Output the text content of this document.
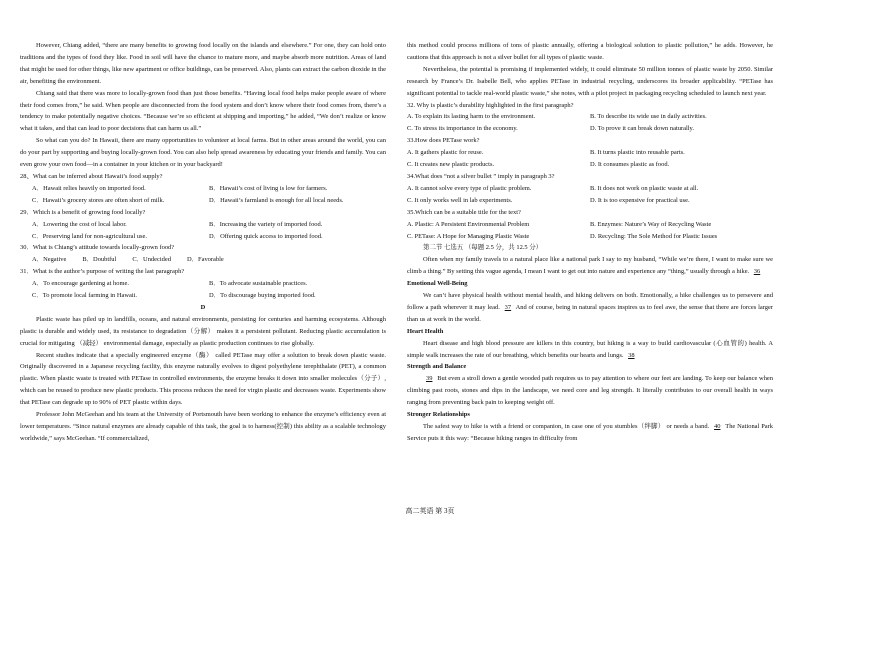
However, Chiang added, “there are many benefits to growing food locally on the islands and elsewhere.” For one, they can hold onto traditions and the types of food they like. Food in soil will have the chance to mature more, and maybe absorb more nutrition. Areas of land that might be used for other things, like new apartment or office buildings, can be preserved. Also, plants can extract the carbon dioxide in the air, benefiting the environment.

Chiang said that there was more to locally-grown food than just those benefits. “Having local food helps make people aware of where their food comes from,” he said. When people are disconnected from the food system and don’t know where their food comes from, there’s a tendency to make potentially negative choices. “Because we’re so efficient at shipping and importing,” he added, “We don’t realize or know what it takes, and that can lead to poor decisions that can harm us all.”

So what can you do? In Hawaii, there are many opportunities to volunteer at local farms. But in other areas around the world, you can do your part by supporting and buying locally-grown food. You can also help spread awareness by educating your friends and family. You can even grow your own food—in a container in your kitchen or in your backyard!

28、What can be inferred about Hawaii’s food supply?

A．Hawaii relies heavily on imported food.	B．Hawaii’s cost of living is low for farmers.
C．Hawaii’s grocery stores are often short of milk.	D．Hawaii’s farmland is enough for all local needs.

29．Which is a benefit of growing food locally?

A．Lowering the cost of local labor.	B．Increasing the variety of imported food.
C．Preserving land for non-agricultural use.	D．Offering quick access to imported food.

30．What is Chiang’s attitude towards locally-grown food?

A．Negative B．Doubtful C．Undecided D．Favorable

31．What is the author’s purpose of writing the last paragraph?

A．To encourage gardening at home.	B．To advocate sustainable practices.
C．To promote local farming in Hawaii.	D．To discourage buying imported food.

D

Plastic waste has piled up in landfills, oceans, and natural environments, persisting for centuries and harming ecosystems. Although plastic is durable and widely used, its resistance to degradation（分解） makes it a persistent pollutant. Reducing plastic accumulation is crucial for mitigating （减轻） environmental damage, especially as plastic production continues to rise globally.

Recent studies indicate that a specially engineered enzyme（酶） called PETase may offer a solution to break down plastic waste. Originally discovered in a Japanese recycling facility, this enzyme naturally evolves to digest polyethylene terephthalate (PET), a common plastic. When plastic waste is treated with PETase in controlled environments, the enzyme breaks it down into smaller molecules（分子）, which can be reused to produce new plastic products. This process reduces the need for virgin plastic and decreases waste. Experiments show that PETase can degrade up to 90% of PET plastic within days.

Professor John McGeehan and his team at the University of Portsmouth have been working to enhance the enzyme’s efficiency even at lower temperatures. “Since natural enzymes are already capable of this task, the goal is to harness(控制) this ability as a scalable technology worldwide,” says McGeehan. “If commercialized,

this method could process millions of tons of plastic annually, offering a biological solution to plastic pollution,” he adds. However, he cautions that this approach is not a silver bullet for all types of plastic waste.

Nevertheless, the potential is promising if implemented widely, it could eliminate 50 million tonnes of plastic waste by 2050. Similar research by France’s Dr. Isabelle Bell, who applies PETase in industrial recycling, underscores its broader applicability. “PETase has significant potential to tackle real-world plastic waste,” she notes, with a pilot project in packaging recycling scheduled to launch next year.

32. Why is plastic’s durability highlighted in the first paragraph?

A. To explain its lasting harm to the environment.	B. To describe its wide use in daily activities.
C. To stress its importance in the economy.	D. To prove it can break down naturally.

33.How does PETase work?

A. It gathers plastic for reuse.	B. It turns plastic into reusable parts.
C. It creates new plastic products.	D. It consumes plastic as food.

34.What does “not a silver bullet ” imply in paragraph 3?

A. It cannot solve every type of plastic problem.	B. It does not work on plastic waste at all.
C. It only works well in lab experiments.	D. It is too expensive for practical use.

35.Which can be a suitable title for the text?

A. Plastic: A Persistent Environmental Problem	B. Enzymes: Nature’s Way of Recycling Waste
C. PETase: A Hope for Managing Plastic Waste	D. Recycling: The Sole Method for Plastic Issues

第二节 七选五 （每题 2.5 分，共 12.5 分）

Often when my family travels to a natural place like a national park I say to my husband, “While we’re there, I want to make sure we climb a thing.” By setting this vague agenda, I mean I want to get out into nature and experience any “thing,” usually through a hike. 36

Emotional Well-Being

We can’t have physical health without mental health, and hiking delivers on both. Emotionally, a hike challenges us to persevere and follow a path wherever it may lead. 37 And of course, being in natural spaces inspires us to feel awe, the sense that there are forces larger than us at work in the world.

Heart Health

Heart disease and high blood pressure are killers in this country, but hiking is a way to build cardiovascular (心血管的) health. A simple walk increases the rate of our breathing, which benefits our hearts and lungs. 38

Strength and Balance

39 But even a stroll down a gentle wooded path requires us to pay attention to where our feet are landing. To keep our balance when climbing past roots, stones and dips in the landscape, we need core and leg strength. It literally contributes to our overall health in ways ranging from preventing back pain to keeping weight off.

Stronger Relationships

The safest way to hike is with a friend or companion, in case one of you stumbles（绊脚） or needs a band. 40 The National Park Service puts it this way: “Because hiking ranges in difficulty from

高二英语 第 3页
